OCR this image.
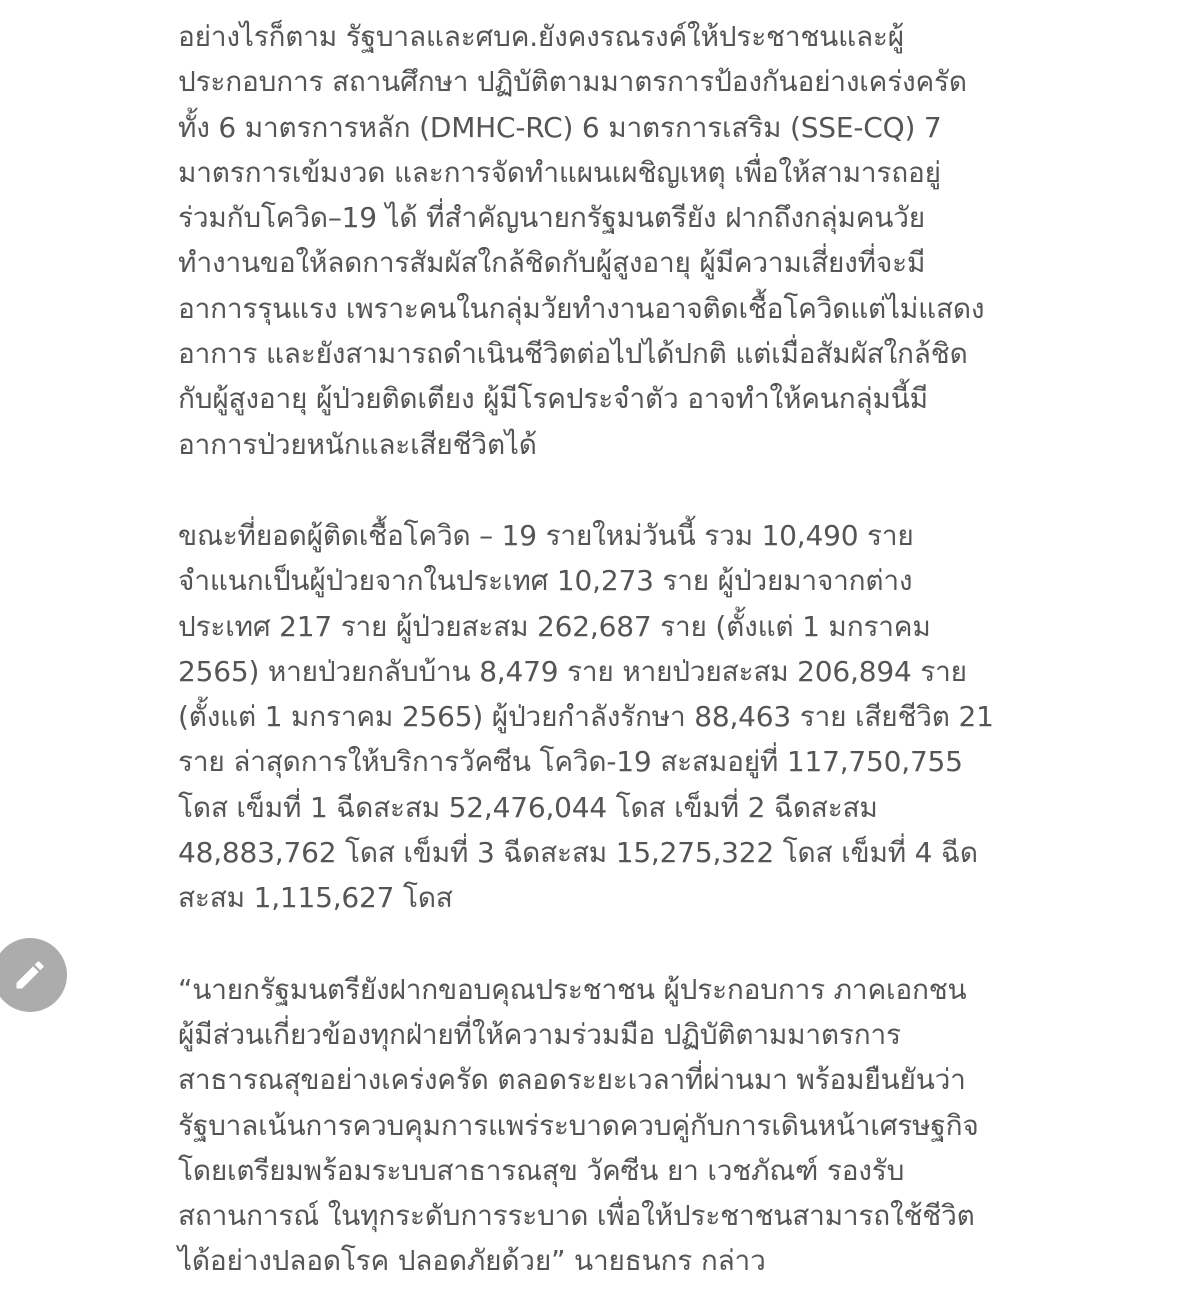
อย่างไรก็ตาม รัฐบาลและศบค.ยังคงรณรงค์ให้ประชาชนและผู้
ประกอบการ สถานศึกษา ปฏิบัติตามมาตรการป้องกันอย่างเคร่งครัด
ทั้ง 6 มาตรการหลัก (DMHC-RC) 6 มาตรการเสริม (SSE-CQ) 7
มาตรการเข้มงวด และการจัดทำแผนเผชิญเหตุ เพื่อให้สามารถอยู่
ร่วมกับโควิด–19 ได้ ที่สำคัญนายกรัฐมนตรียัง ฝากถึงกลุ่มคนวัย
ทำงานขอให้ลดการสัมผัสใกล้ชิดกับผู้สูงอายุ ผู้มีความเสี่ยงที่จะมี
อาการรุนแรง เพราะคนในกลุ่มวัยทำงานอาจติดเชื้อโควิดแต่ไม่แสดง
อาการ และยังสามารถดำเนินชีวิตต่อไปได้ปกติ แต่เมื่อสัมผัสใกล้ชิด
กับผู้สูงอายุ ผู้ป่วยติดเตียง ผู้มีโรคประจำตัว อาจทำให้คนกลุ่มนี้มี
อาการป่วยหนักและเสียชีวิตได้

ขณะที่ยอดผู้ติดเชื้อโควิด – 19 รายใหม่วันนี้ รวม 10,490 ราย
จำแนกเป็นผู้ป่วยจากในประเทศ 10,273 ราย ผู้ป่วยมาจากต่าง
ประเทศ 217 ราย ผู้ป่วยสะสม 262,687 ราย (ตั้งแต่ 1 มกราคม
2565) หายป่วยกลับบ้าน 8,479 ราย หายป่วยสะสม 206,894 ราย
(ตั้งแต่ 1 มกราคม 2565) ผู้ป่วยกำลังรักษา 88,463 ราย เสียชีวิต 21
ราย ล่าสุดการให้บริการวัคซีน โควิด-19 สะสมอยู่ที่ 117,750,755
โดส เข็มที่ 1 ฉีดสะสม 52,476,044 โดส เข็มที่ 2 ฉีดสะสม
48,883,762 โดส เข็มที่ 3 ฉีดสะสม 15,275,322 โดส เข็มที่ 4 ฉีด
สะสม 1,115,627 โดส

“นายกรัฐมนตรียังฝากขอบคุณประชาชน ผู้ประกอบการ ภาคเอกชน
ผู้มีส่วนเกี่ยวข้องทุกฝ่ายที่ให้ความร่วมมือ ปฏิบัติตามมาตรการ
สาธารณสุขอย่างเคร่งครัด ตลอดระยะเวลาที่ผ่านมา พร้อมยืนยันว่า
รัฐบาลเน้นการควบคุมการแพร่ระบาดควบคู่กับการเดินหน้าเศรษฐกิจ
โดยเตรียมพร้อมระบบสาธารณสุข วัคซีน ยา เวชภัณฑ์ รองรับ
สถานการณ์ ในทุกระดับการระบาด เพื่อให้ประชาชนสามารถใช้ชีวิต
ได้อย่างปลอดโรค ปลอดภัยด้วย” นายธนกร กล่าว
